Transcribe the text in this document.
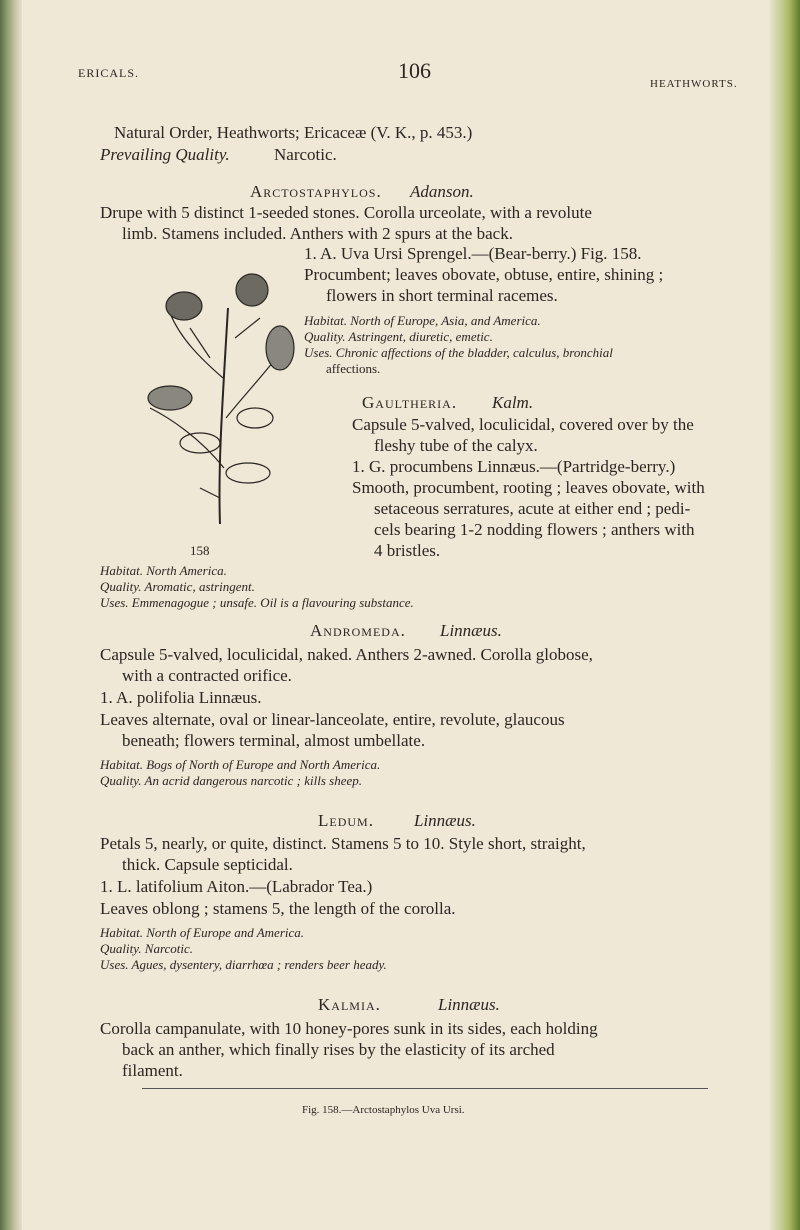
ERICALS.	106
HEATHWORTS.
Natural Order, Heathworts; Ericaceæ (V. K., p. 453.)
Prevailing Quality.	Narcotic.
Arctostaphylos. Adanson.
Drupe with 5 distinct 1-seeded stones. Corolla urceolate, with a revolute
limb. Stamens included. Anthers with 2 spurs at the back.
1. A. Uva Ursi Sprengel.—(Bear-berry.) Fig. 158.
Procumbent; leaves obovate, obtuse, entire, shining ;
flowers in short terminal racemes.
Habitat. North of Europe, Asia, and America.
Quality. Astringent, diuretic, emetic.
Uses. Chronic affections of the bladder, calculus, bronchial
affections.
Gaultheria. Kalm.
Capsule 5-valved, loculicidal, covered over by the
fleshy tube of the calyx.
1. G. procumbens Linnæus.—(Partridge-berry.)
Smooth, procumbent, rooting ; leaves obovate, with
setaceous serratures, acute at either end ; pedi-
cels bearing 1-2 nodding flowers ; anthers with
4 bristles.
158
Habitat. North America.
Quality. Aromatic, astringent.
Uses. Emmenagogue ; unsafe. Oil is a flavouring substance.
Andromeda. Linnæus.
Capsule 5-valved, loculicidal, naked. Anthers 2-awned. Corolla globose,
with a contracted orifice.
1. A. polifolia Linnæus.
Leaves alternate, oval or linear-lanceolate, entire, revolute, glaucous
beneath; flowers terminal, almost umbellate.
Habitat. Bogs of North of Europe and North America.
Quality. An acrid dangerous narcotic ; kills sheep.
Ledum. Linnæus.
Petals 5, nearly, or quite, distinct. Stamens 5 to 10. Style short, straight,
thick. Capsule septicidal.
1. L. latifolium Aiton.—(Labrador Tea.)
Leaves oblong ; stamens 5, the length of the corolla.
Habitat. North of Europe and America.
Quality. Narcotic.
Uses. Agues, dysentery, diarrhœa ; renders beer heady.
Kalmia.	Linnæus.
Corolla campanulate, with 10 honey-pores sunk in its sides, each holding
back an anther, which finally rises by the elasticity of its arched
filament.
Fig. 158.—Arctostaphylos Uva Ursi.
